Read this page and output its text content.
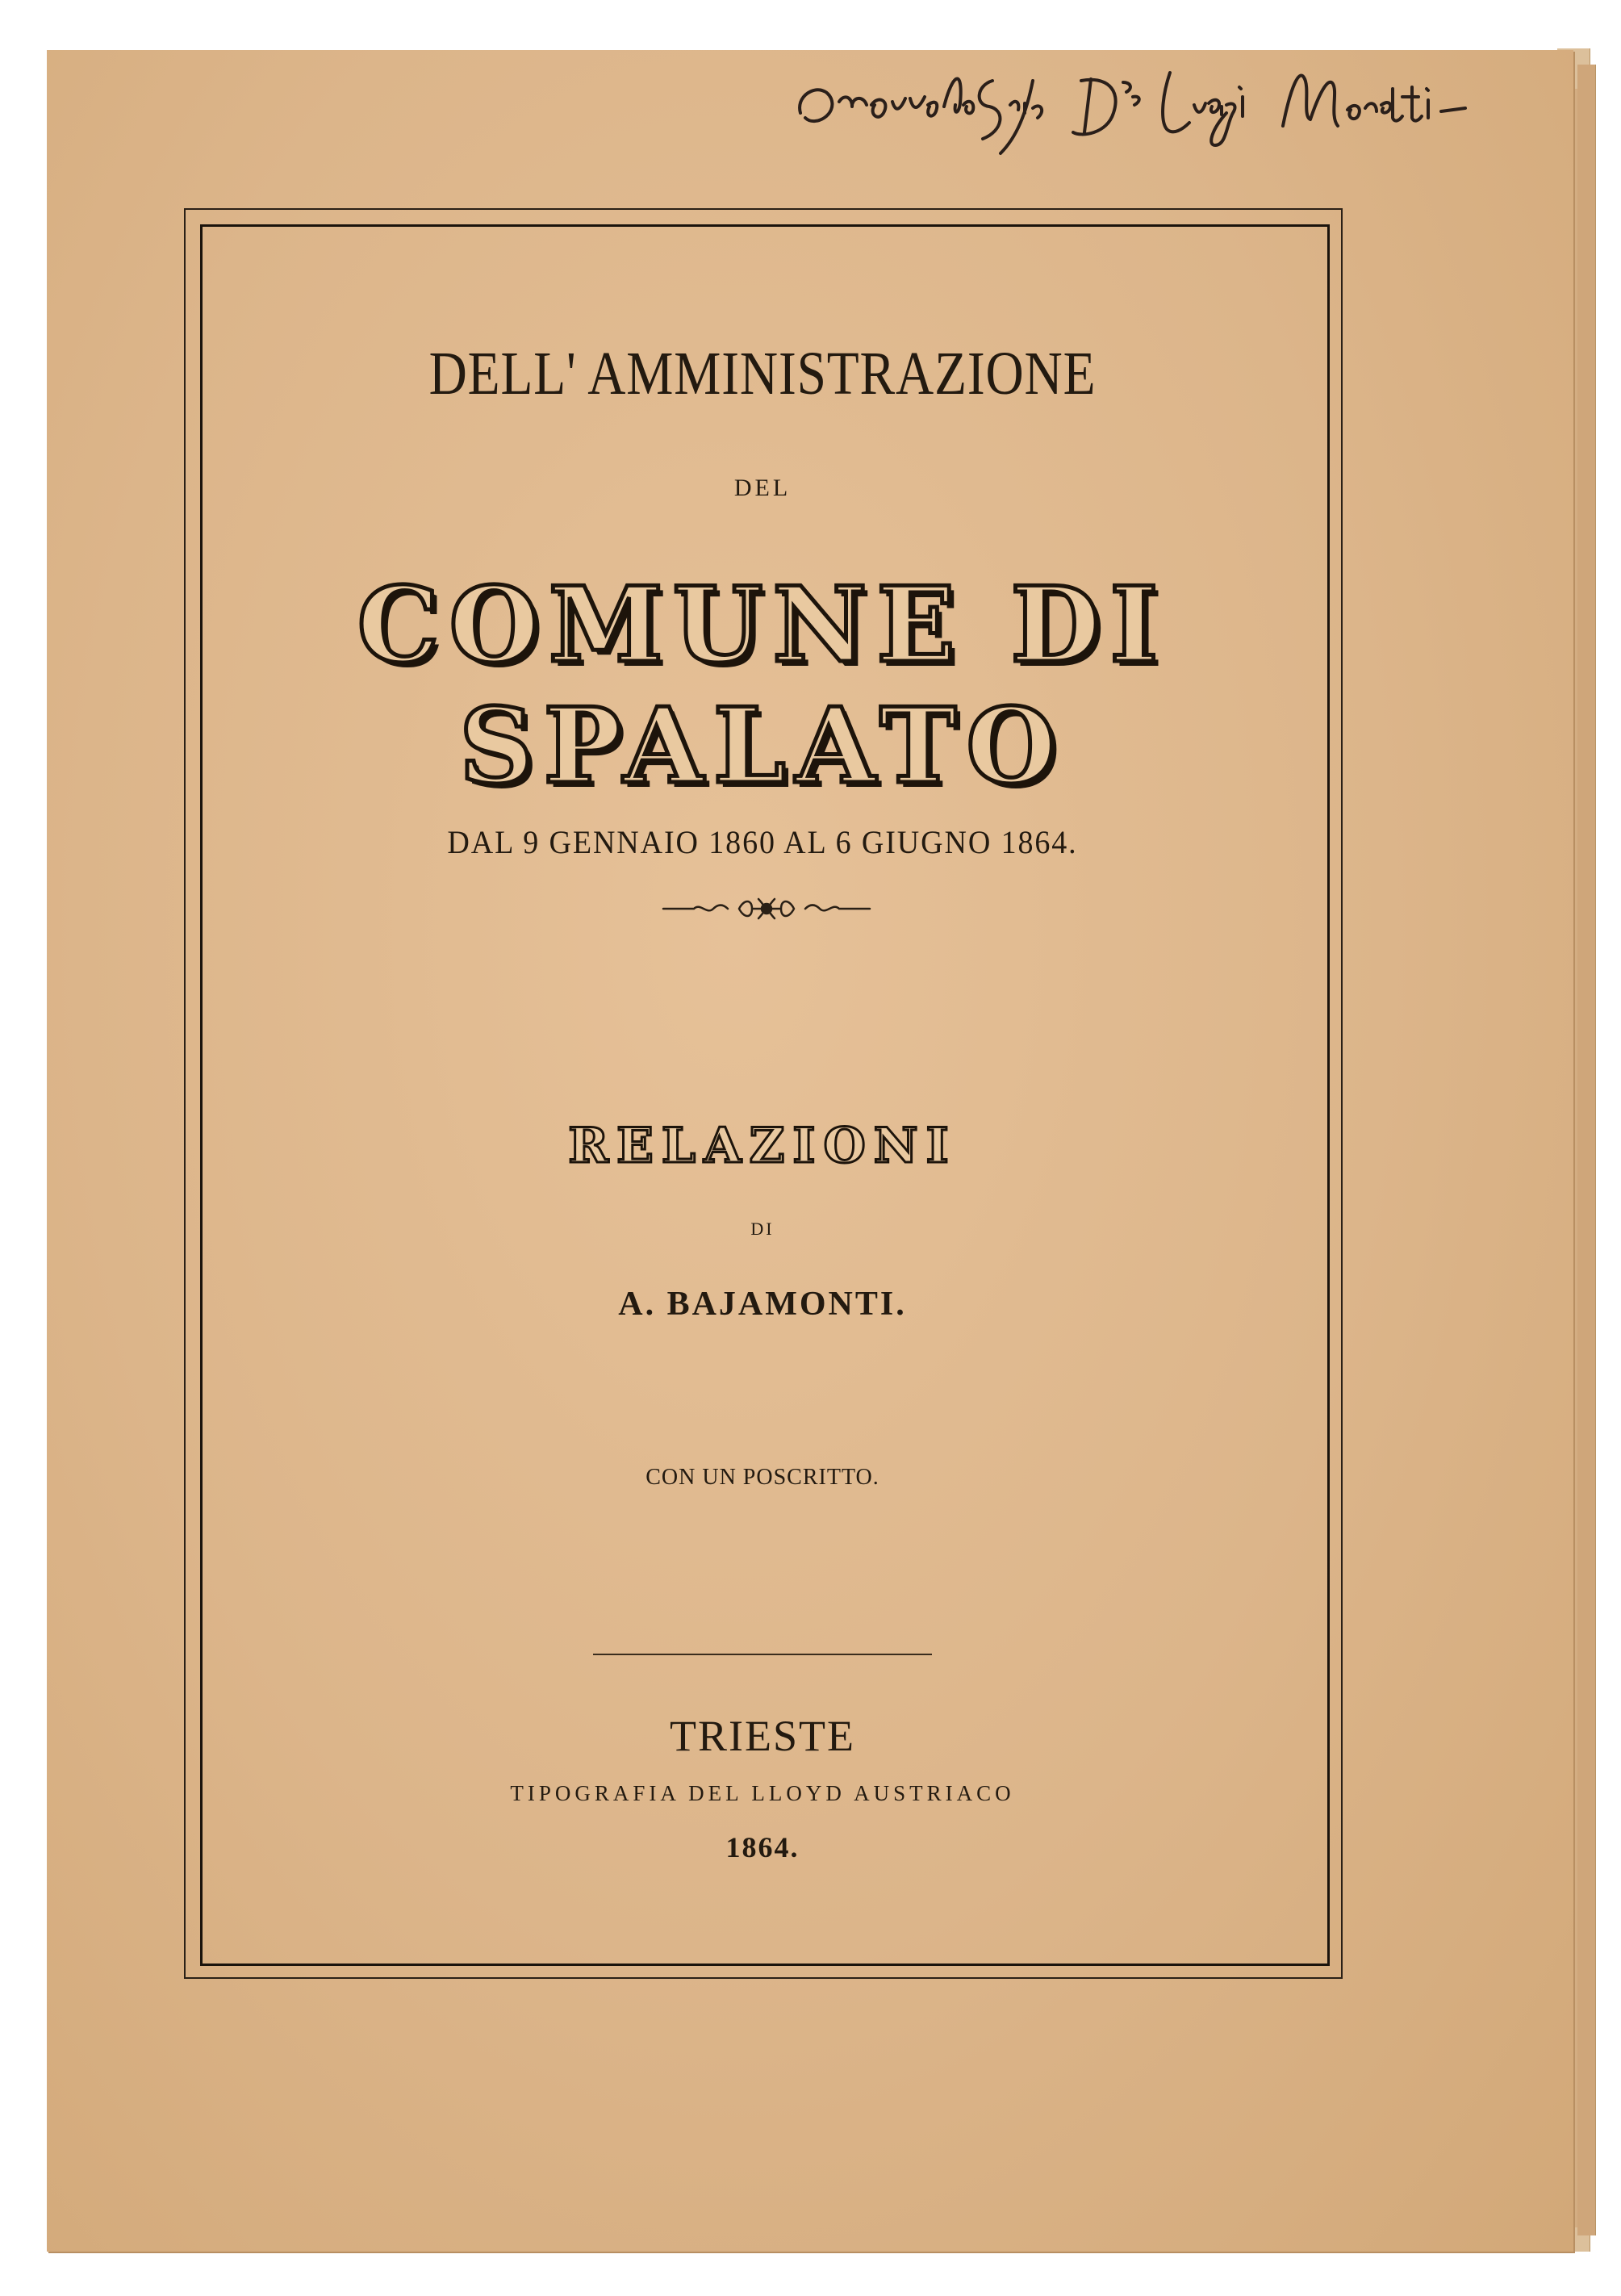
DELL' AMMINISTRAZIONE
DEL
COMUNE DI SPALATO
DAL 9 GENNAIO 1860 AL 6 GIUGNO 1864.
RELAZIONI
DI
A. BAJAMONTI.
CON UN POSCRITTO.
TRIESTE
TIPOGRAFIA DEL LLOYD AUSTRIACO
1864.
